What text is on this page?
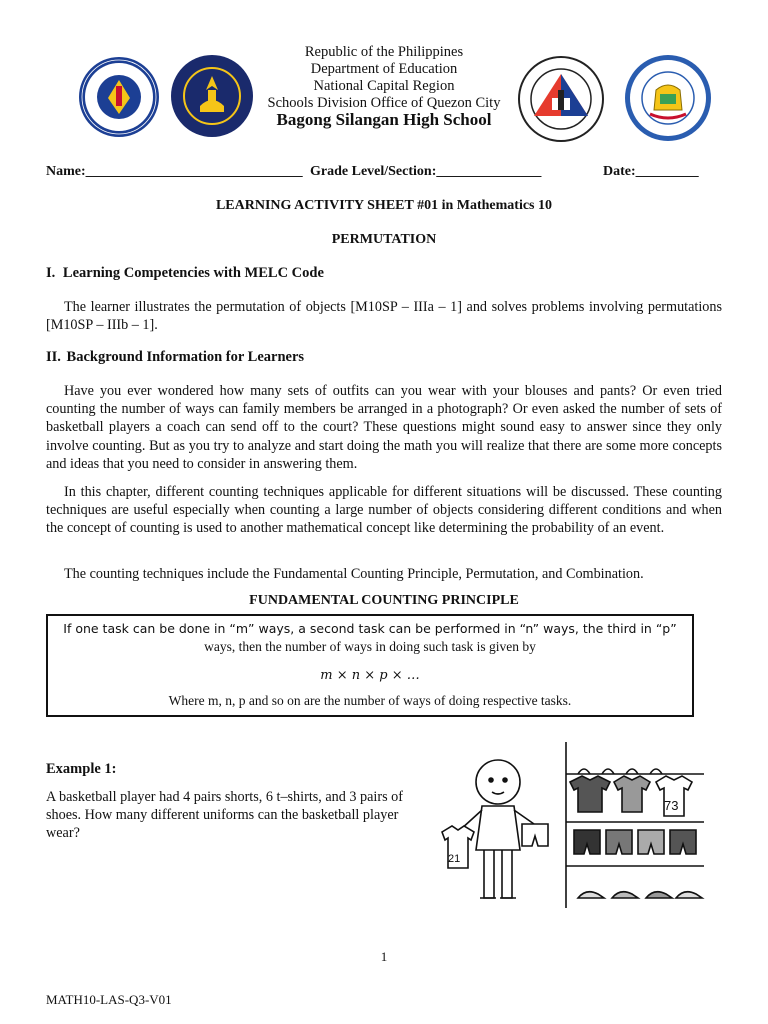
Republic of the Philippines
Department of Education
National Capital Region
Schools Division Office of Quezon City
Bagong Silangan High School
Name:_______________________________ Grade Level/Section:_______________	Date:_________
LEARNING ACTIVITY SHEET #01 in Mathematics 10
PERMUTATION
I. Learning Competencies with MELC Code

The learner illustrates the permutation of objects [M10SP – IIIa – 1] and solves problems involving permutations [M10SP – IIIb – 1].

II. Background Information for Learners

Have you ever wondered how many sets of outfits can you wear with your blouses and pants? Or even tried counting the number of ways can family members be arranged in a photograph? Or even asked the number of sets of basketball players a coach can send off to the court? These questions might sound easy to answer since they only involve counting. But as you try to analyze and start doing the math you will realize that there are some more concepts and ideas that you need to consider in answering them.

In this chapter, different counting techniques applicable for different situations will be discussed. These counting techniques are useful especially when counting a large number of objects considering different conditions and when the concept of counting is used to another mathematical concept like determining the probability of an event.

The counting techniques include the Fundamental Counting Principle, Permutation, and Combination.

FUNDAMENTAL COUNTING PRINCIPLE
If one task can be done in “m” ways, a second task can be performed in “n” ways, the third in “p”
ways, then the number of ways in doing such task is given by
m × n × p × …
Where m, n, p and so on are the number of ways of doing respective tasks.
Example 1:
A basketball player had 4 pairs shorts, 6 t–shirts, and 3 pairs of shoes. How many different uniforms can the basketball player wear?
73
21
1
MATH10-LAS-Q3-V01
